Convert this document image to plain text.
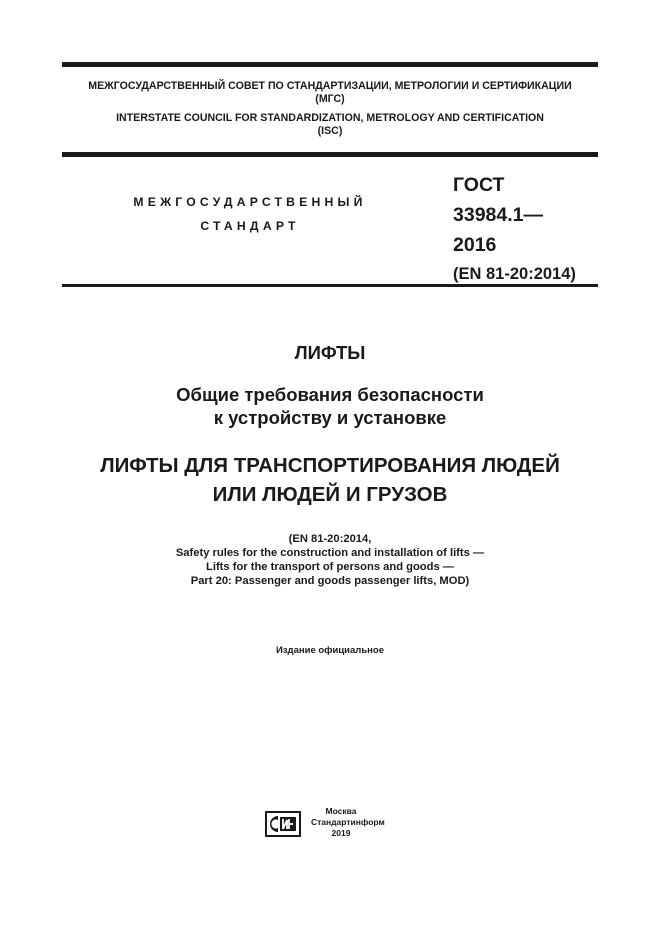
МЕЖГОСУДАРСТВЕННЫЙ СОВЕТ ПО СТАНДАРТИЗАЦИИ, МЕТРОЛОГИИ И СЕРТИФИКАЦИИ
(МГС)
INTERSTATE COUNCIL FOR STANDARDIZATION, METROLOGY AND CERTIFICATION
(ISC)
МЕЖГОСУДАРСТВЕННЫЙ
СТАНДАРТ
ГОСТ
33984.1—
2016
(EN 81-20:2014)
ЛИФТЫ
Общие требования безопасности
к устройству и установке
ЛИФТЫ ДЛЯ ТРАНСПОРТИРОВАНИЯ ЛЮДЕЙ
ИЛИ ЛЮДЕЙ И ГРУЗОВ
(EN 81-20:2014,
Safety rules for the construction and installation of lifts —
Lifts for the transport of persons and goods —
Part 20: Passenger and goods passenger lifts, MOD)
Издание официальное
Москва
Стандартинформ
2019
